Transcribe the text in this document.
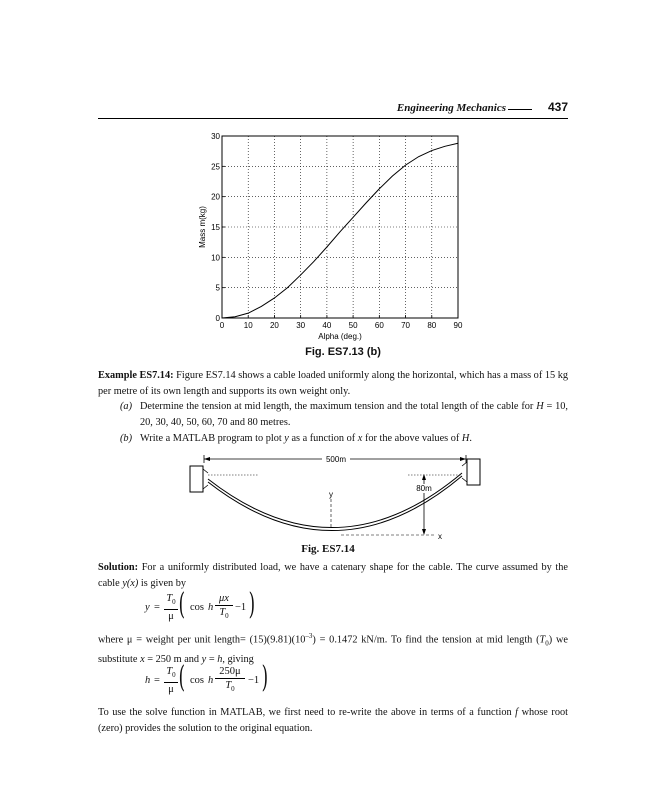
Engineering Mechanics	437
0 10 20 30 40 50 60 70 80 90
0
5
10
15
20
25
30
Alpha (deg.)
Mass m(kg)
Fig. ES7.13 (b)
Example ES7.14: Figure ES7.14 shows a cable loaded uniformly along the horizontal, which has a mass of 15 kg per metre of its own length and supports its own weight only.
(a) Determine the tension at mid length, the maximum tension and the total length of the cable for H = 10, 20, 30, 40, 50, 60, 70 and 80 metres.
(b) Write a MATLAB program to plot y as a function of x for the above values of H.
500m
y
x
80m
Fig. ES7.14
Solution: For a uniformly distributed load, we have a catenary shape for the cable. The curve assumed by the cable y(x) is given by
$y = \frac{T_0}{\mu}$ ( cos h $\frac{\mu x}{T_0} -1$ )
where μ = weight per unit length= $(15)(9.81)(10^{-3}) = 0.1472$ kN/m. To find the tension at mid length $(T_0)$ we substitute x = 250 m and y = h, giving
$h = \frac{T_0}{\mu}$ ( cos h $\frac{250\mu}{T_0} -1$ )
To use the solve function in MATLAB, we first need to re-write the above in terms of a function f whose root (zero) provides the solution to the original equation.
